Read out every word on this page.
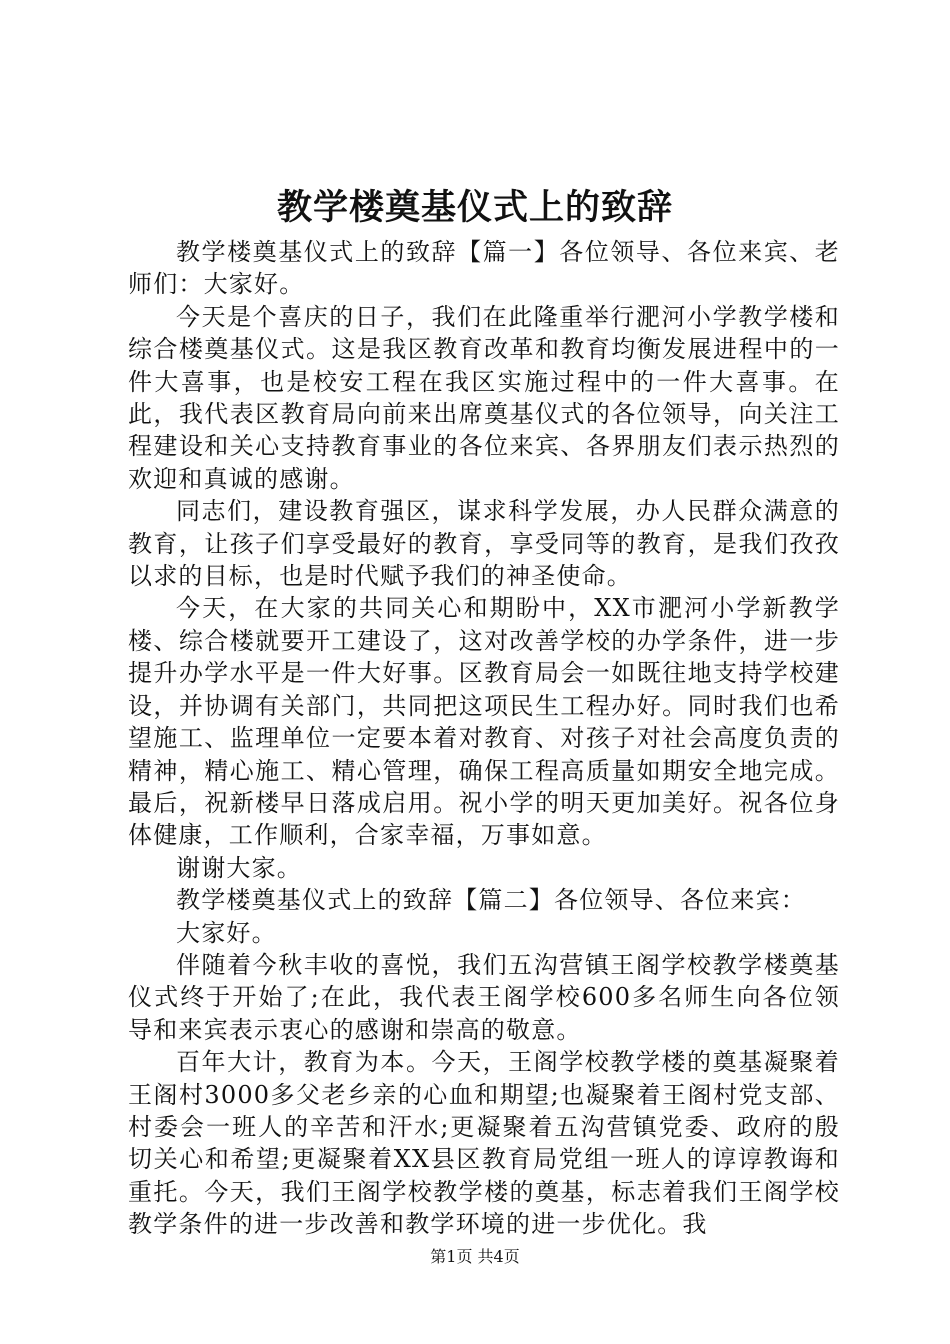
教学楼奠基仪式上的致辞

教学楼奠基仪式上的致辞【篇一】各位领导、各位来宾、老师们：大家好。

今天是个喜庆的日子，我们在此隆重举行淝河小学教学楼和综合楼奠基仪式。这是我区教育改革和教育均衡发展进程中的一件大喜事，也是校安工程在我区实施过程中的一件大喜事。在此，我代表区教育局向前来出席奠基仪式的各位领导，向关注工程建设和关心支持教育事业的各位来宾、各界朋友们表示热烈的欢迎和真诚的感谢。

同志们，建设教育强区，谋求科学发展，办人民群众满意的教育，让孩子们享受最好的教育，享受同等的教育，是我们孜孜以求的目标，也是时代赋予我们的神圣使命。

今天，在大家的共同关心和期盼中，XX市淝河小学新教学楼、综合楼就要开工建设了，这对改善学校的办学条件，进一步提升办学水平是一件大好事。区教育局会一如既往地支持学校建设，并协调有关部门，共同把这项民生工程办好。同时我们也希望施工、监理单位一定要本着对教育、对孩子对社会高度负责的精神，精心施工、精心管理，确保工程高质量如期安全地完成。最后，祝新楼早日落成启用。祝小学的明天更加美好。祝各位身体健康，工作顺利，合家幸福，万事如意。

谢谢大家。

教学楼奠基仪式上的致辞【篇二】各位领导、各位来宾：

大家好。

伴随着今秋丰收的喜悦，我们五沟营镇王阁学校教学楼奠基仪式终于开始了;在此，我代表王阁学校600多名师生向各位领导和来宾表示衷心的感谢和崇高的敬意。

百年大计，教育为本。今天，王阁学校教学楼的奠基凝聚着王阁村3000多父老乡亲的心血和期望;也凝聚着王阁村党支部、村委会一班人的辛苦和汗水;更凝聚着五沟营镇党委、政府的殷切关心和希望;更凝聚着XX县区教育局党组一班人的谆谆教诲和重托。今天，我们王阁学校教学楼的奠基，标志着我们王阁学校教学条件的进一步改善和教学环境的进一步优化。我

第1页 共4页
